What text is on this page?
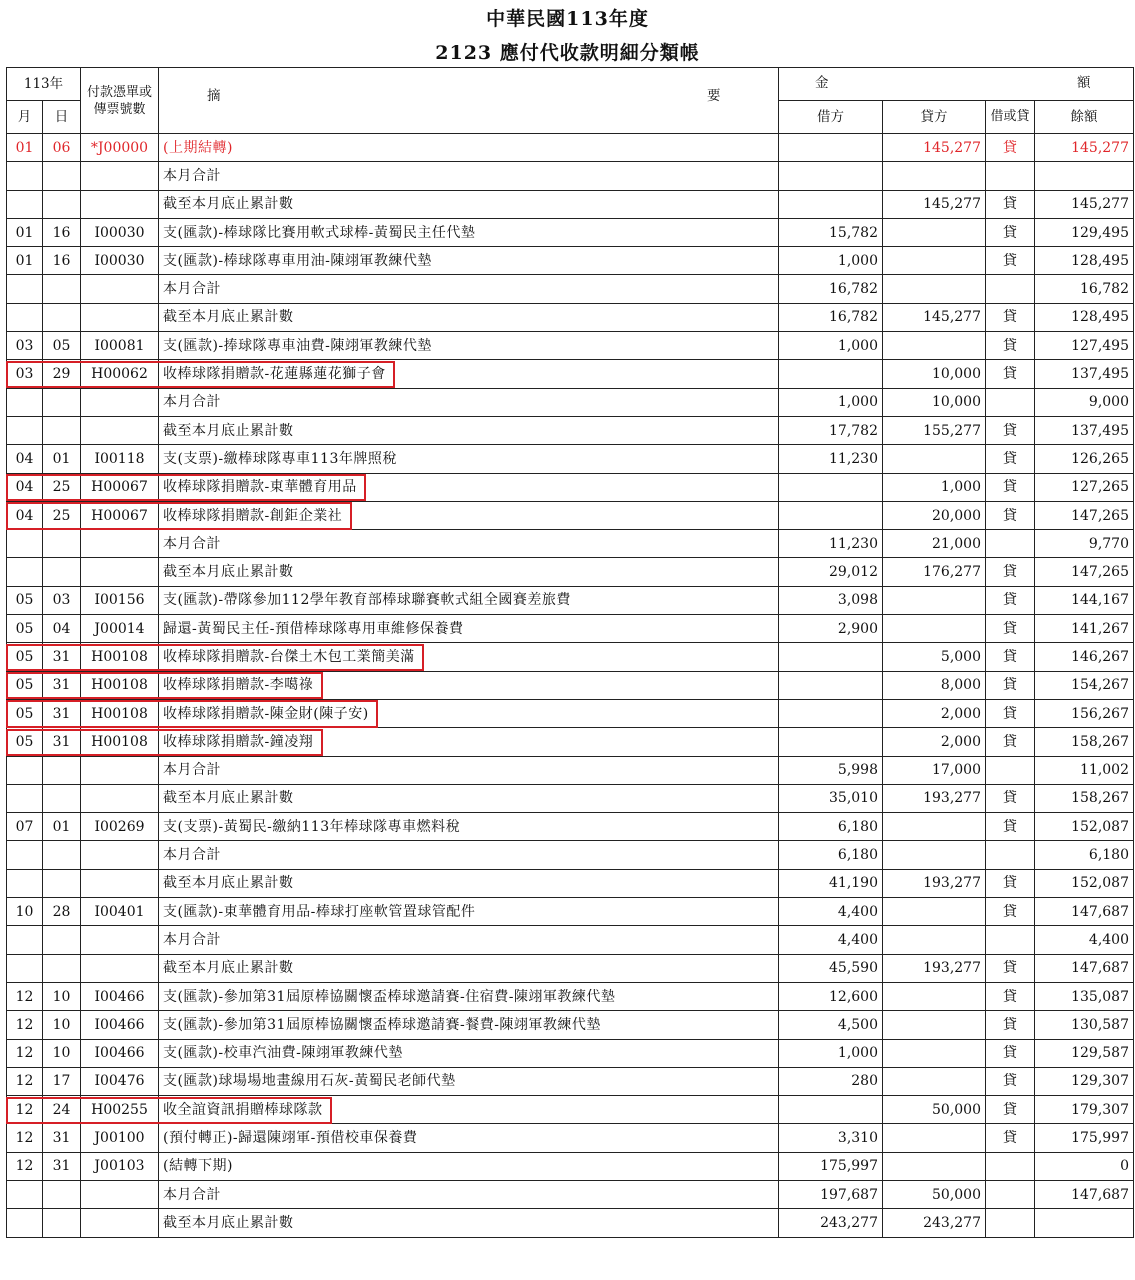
中華民國113年度
2123 應付代收款明細分類帳
113年		付款憑單或傳票號數	摘 要	金 額			

月	日			借方	貸方	借或貸	餘額
01	06	*J00000	(上期結轉)		145,277	貸	145,277
			本月合計				
			截至本月底止累計數		145,277	貸	145,277
01	16	I00030	支(匯款)-棒球隊比賽用軟式球棒-黃蜀民主任代墊	15,782		貸	129,495
01	16	I00030	支(匯款)-棒球隊專車用油-陳翊軍教練代墊	1,000		貸	128,495
			本月合計	16,782			16,782
			截至本月底止累計數	16,782	145,277	貸	128,495
03	05	I00081	支(匯款)-捧球隊專車油費-陳翊軍教練代墊	1,000		貸	127,495
03	29	H00062	收棒球隊捐贈款-花蓮縣蓮花獅子會		10,000	貸	137,495
			本月合計	1,000	10,000		9,000
			截至本月底止累計數	17,782	155,277	貸	137,495
04	01	I00118	支(支票)-繳棒球隊專車113年牌照稅	11,230		貸	126,265
04	25	H00067	收棒球隊捐贈款-東華體育用品		1,000	貸	127,265
04	25	H00067	收棒球隊捐贈款-創鉅企業社		20,000	貸	147,265
			本月合計	11,230	21,000		9,770
			截至本月底止累計數	29,012	176,277	貸	147,265
05	03	I00156	支(匯款)-帶隊參加112學年教育部棒球聯賽軟式組全國賽差旅費	3,098		貸	144,167
05	04	J00014	歸還-黃蜀民主任-預借棒球隊專用車維修保養費	2,900		貸	141,267
05	31	H00108	收棒球隊捐贈款-台傑土木包工業簡美滿		5,000	貸	146,267
05	31	H00108	收棒球隊捐贈款-李噶祿		8,000	貸	154,267
05	31	H00108	收棒球隊捐贈款-陳金財(陳子安)		2,000	貸	156,267
05	31	H00108	收棒球隊捐贈款-鐘凌翔		2,000	貸	158,267
			本月合計	5,998	17,000		11,002
			截至本月底止累計數	35,010	193,277	貸	158,267
07	01	I00269	支(支票)-黃蜀民-繳納113年棒球隊專車燃料稅	6,180		貸	152,087
			本月合計	6,180			6,180
			截至本月底止累計數	41,190	193,277	貸	152,087
10	28	I00401	支(匯款)-東華體育用品-棒球打座軟管置球管配件	4,400		貸	147,687
			本月合計	4,400			4,400
			截至本月底止累計數	45,590	193,277	貸	147,687
12	10	I00466	支(匯款)-參加第31屆原棒協關懷盃棒球邀請賽-住宿費-陳翊軍教練代墊	12,600		貸	135,087
12	10	I00466	支(匯款)-參加第31屆原棒協關懷盃棒球邀請賽-餐費-陳翊軍教練代墊	4,500		貸	130,587
12	10	I00466	支(匯款)-校車汽油費-陳翊軍教練代墊	1,000		貸	129,587
12	17	I00476	支(匯款)球場場地畫線用石灰-黃蜀民老師代墊	280		貸	129,307
12	24	H00255	收全誼資訊捐贈棒球隊款		50,000	貸	179,307
12	31	J00100	(預付轉正)-歸還陳翊軍-預借校車保養費	3,310		貸	175,997
12	31	J00103	(結轉下期)	175,997			0
			本月合計	197,687	50,000		147,687
			截至本月底止累計數	243,277	243,277		
